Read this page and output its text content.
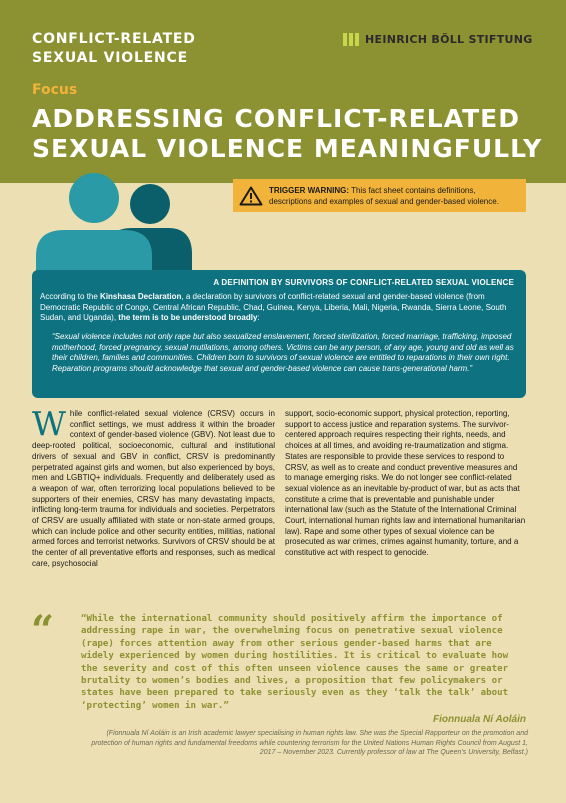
CONFLICT-RELATED
SEXUAL VIOLENCE
HEINRICH BÖLL STIFTUNG
Focus
ADDRESSING CONFLICT-RELATED
SEXUAL VIOLENCE MEANINGFULLY
TRIGGER WARNING: This fact sheet contains definitions, descriptions and examples of sexual and gender-based violence.
A DEFINITION BY SURVIVORS OF CONFLICT-RELATED SEXUAL VIOLENCE
According to the Kinshasa Declaration, a declaration by survivors of conflict-related sexual and gender-based violence (from Democratic Republic of Congo, Central African Republic, Chad, Guinea, Kenya, Liberia, Mali, Nigeria, Rwanda, Sierra Leone, South Sudan, and Uganda), the term is to be understood broadly:
“Sexual violence includes not only rape but also sexualized enslavement, forced sterilization, forced marriage, trafficking, imposed motherhood, forced pregnancy, sexual mutilations, among others. Victims can be any person, of any age, young and old as well as their children, families and communities. Children born to survivors of sexual violence are entitled to reparations in their own right. Reparation programs should acknowledge that sexual and gender-based violence can cause trans-generational harm.”
While conflict-related sexual violence (CRSV) occurs in conflict settings, we must address it within the broader context of gender-based violence (GBV). Not least due to deep-rooted political, socioeconomic, cultural and institutional drivers of sexual and GBV in conflict, CRSV is predominantly perpetrated against girls and women, but also experienced by boys, men and LGBTIQ+ individuals. Frequently and deliberately used as a weapon of war, often terrorizing local populations believed to be supporters of their enemies, CRSV has many devastating impacts, inflicting long-term trauma for individuals and societies. Perpetrators of CRSV are usually affiliated with state or non-state armed groups, which can include police and other security entities, militias, national armed forces and terrorist networks. Survivors of CRSV should be at the center of all preventative efforts and responses, such as medical care, psychosocial
support, socio-economic support, physical protection, reporting, support to access justice and reparation systems. The survivor-centered approach requires respecting their rights, needs, and choices at all times, and avoiding re-traumatization and stigma. States are responsible to provide these services to respond to CRSV, as well as to create and conduct preventive measures and to manage emerging risks. We do not longer see conflict-related sexual violence as an inevitable by-product of war, but as acts that constitute a crime that is preventable and punishable under international law (such as the Statute of the International Criminal Court, international human rights law and international humanitarian law). Rape and some other types of sexual violence can be prosecuted as war crimes, crimes against humanity, torture, and a constitutive act with respect to genocide.
“	“While the international community should positively affirm the importance of addressing rape in war, the overwhelming focus on penetrative sexual violence (rape) forces attention away from other serious gender-based harms that are widely experienced by women during hostilities. It is critical to evaluate how the severity and cost of this often unseen violence causes the same or greater brutality to women’s bodies and lives, a proposition that few policymakers or states have been prepared to take seriously even as they ‘talk the talk’ about ‘protecting’ women in war.”
Fionnuala Ní Aoláin
(Fionnuala Ní Aoláin is an Irish academic lawyer specialising in human rights law. She was the Special Rapporteur on the promotion and protection of human rights and fundamental freedoms while countering terrorism for the United Nations Human Rights Council from August 1, 2017 – November 2023. Currently professor of law at The Queen’s University, Belfast.)
